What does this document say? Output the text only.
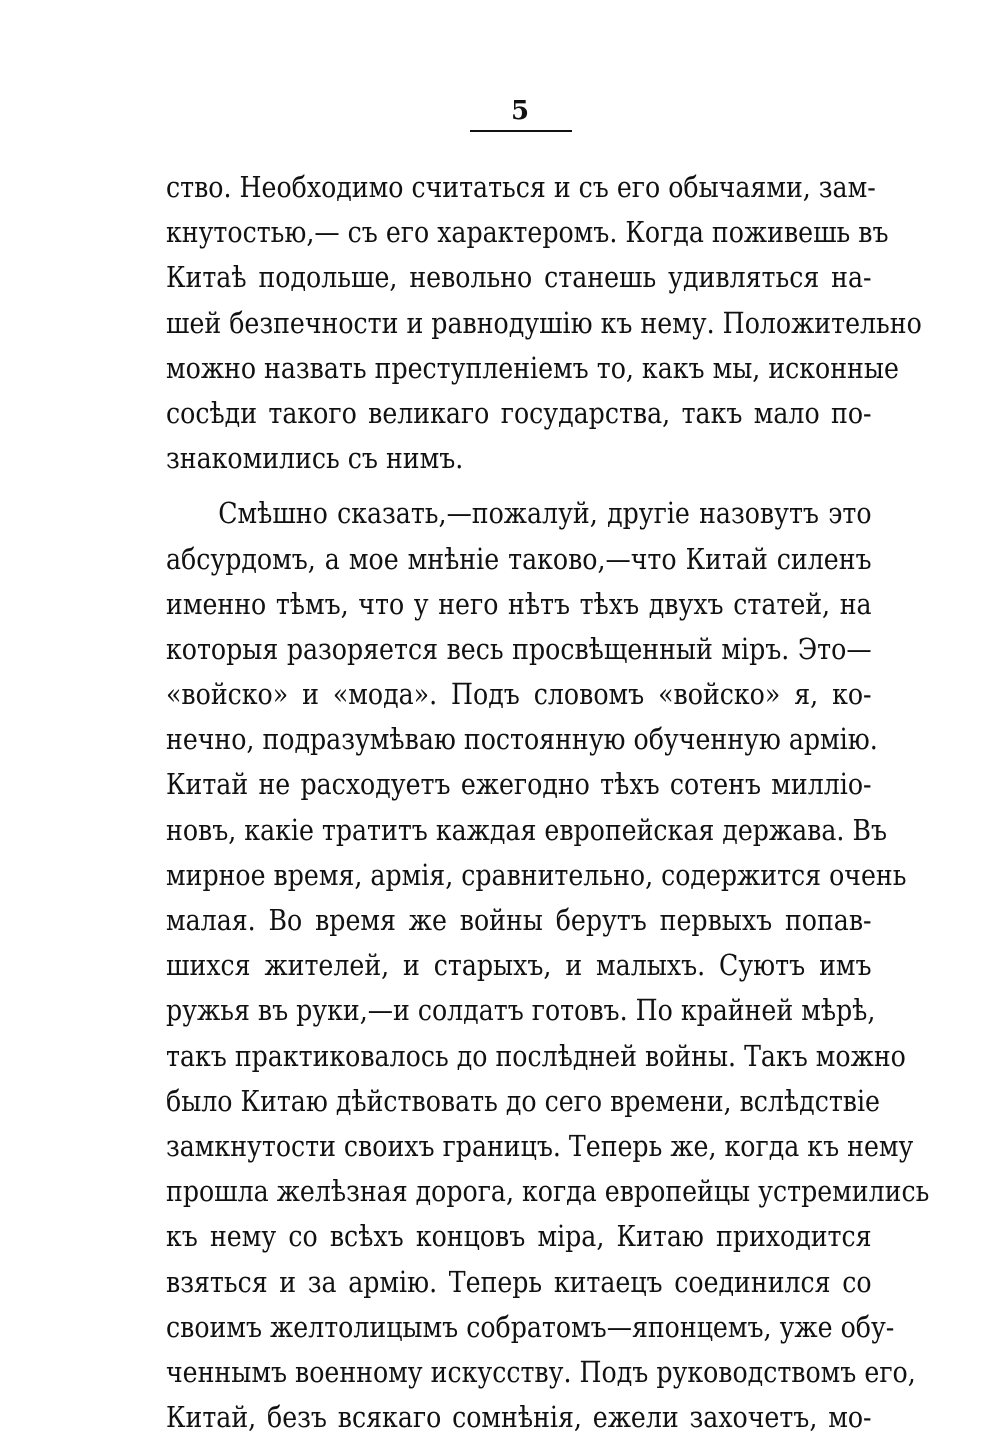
5
ство. Необходимо считаться и съ его обычаями, зам-
кнутостью,— съ его характеромъ. Когда поживешь въ
Китаѣ подольше, невольно станешь удивляться на-
шей безпечности и равнодушію къ нему. Положительно
можно назвать преступленіемъ то, какъ мы, исконные
сосѣди такого великаго государства, такъ мало по-
знакомились съ нимъ.
Смѣшно сказать,—пожалуй, другіе назовутъ это
абсурдомъ, а мое мнѣніе таково,—что Китай силенъ
именно тѣмъ, что у него нѣтъ тѣхъ двухъ статей, на
которыя разоряется весь просвѣщенный міръ. Это—
«войско» и «мода». Подъ словомъ «войско» я, ко-
нечно, подразумѣваю постоянную обученную армію.
Китай не расходуетъ ежегодно тѣхъ сотенъ милліо-
новъ, какіе тратитъ каждая европейская держава. Въ
мирное время, армія, сравнительно, содержится очень
малая. Во время же войны берутъ первыхъ попав-
шихся жителей, и старыхъ, и малыхъ. Суютъ имъ
ружья въ руки,—и солдатъ готовъ. По крайней мѣрѣ,
такъ практиковалось до послѣдней войны. Такъ можно
было Китаю дѣйствовать до сего времени, вслѣдствіе
замкнутости своихъ границъ. Теперь же, когда къ нему
прошла желѣзная дорога, когда европейцы устремились
къ нему со всѣхъ концовъ міра, Китаю приходится
взяться и за армію. Теперь китаецъ соединился со
своимъ желтолицымъ собратомъ—японцемъ, уже обу-
ченнымъ военному искусству. Подъ руководствомъ его,
Китай, безъ всякаго сомнѣнія, ежели захочетъ, мо-
